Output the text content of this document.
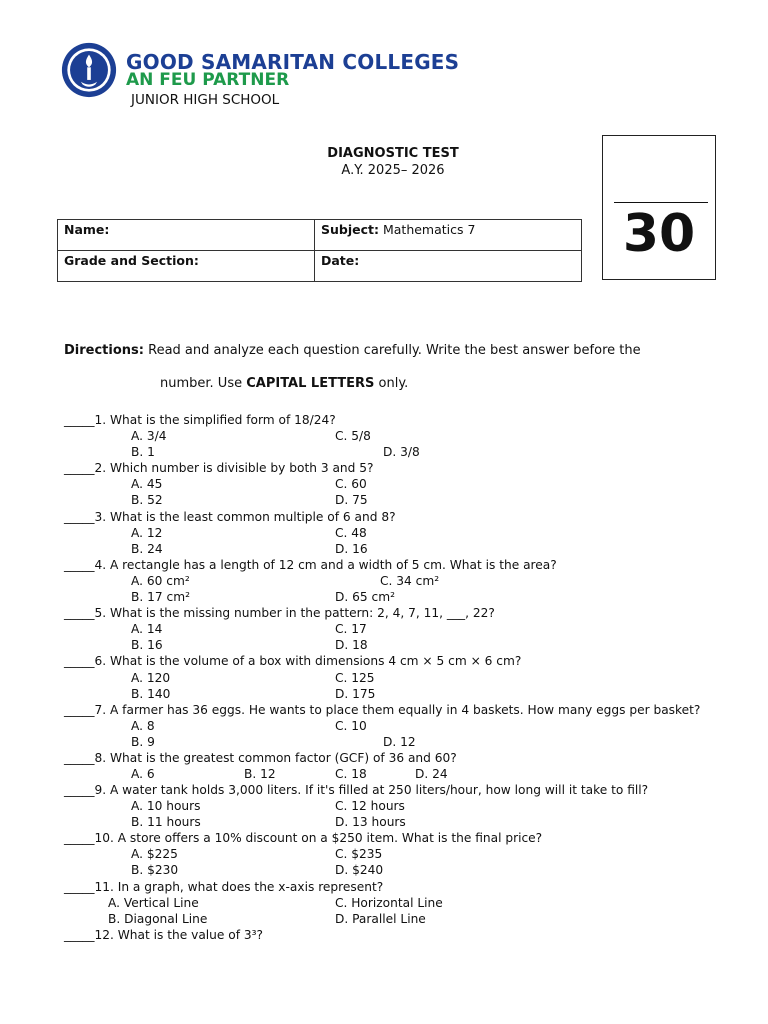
GOOD SAMARITAN COLLEGES
AN FEU PARTNER
JUNIOR HIGH SCHOOL
DIAGNOSTIC TEST
A.Y. 2025– 2026
30
Name:	Subject: Mathematics 7
Grade and Section:	Date:
Directions: Read and analyze each question carefully. Write the best answer before the
number. Use CAPITAL LETTERS only.
_____1. What is the simplified form of 18/24?
A. 3/4	C. 5/8
B. 1	D. 3/8
_____2. Which number is divisible by both 3 and 5?
A. 45	C. 60
B. 52	D. 75
_____3. What is the least common multiple of 6 and 8?
A. 12	C. 48
B. 24	D. 16
_____4. A rectangle has a length of 12 cm and a width of 5 cm. What is the area?
A. 60 cm²	C. 34 cm²
B. 17 cm²	D. 65 cm²
_____5. What is the missing number in the pattern: 2, 4, 7, 11, ___, 22?
A. 14	C. 17
B. 16	D. 18
_____6. What is the volume of a box with dimensions 4 cm × 5 cm × 6 cm?
A. 120	C. 125
B. 140	D. 175
_____7. A farmer has 36 eggs. He wants to place them equally in 4 baskets. How many eggs per basket?
A. 8	C. 10
B. 9	D. 12
_____8. What is the greatest common factor (GCF) of 36 and 60?
A. 6	B. 12	C. 18	D. 24
_____9. A water tank holds 3,000 liters. If it's filled at 250 liters/hour, how long will it take to fill?
A. 10 hours	C. 12 hours
B. 11 hours	D. 13 hours
_____10. A store offers a 10% discount on a $250 item. What is the final price?
A. $225	C. $235
B. $230	D. $240
_____11. In a graph, what does the x-axis represent?
A. Vertical Line	C. Horizontal Line
B. Diagonal Line	D. Parallel Line
_____12. What is the value of 3³?
